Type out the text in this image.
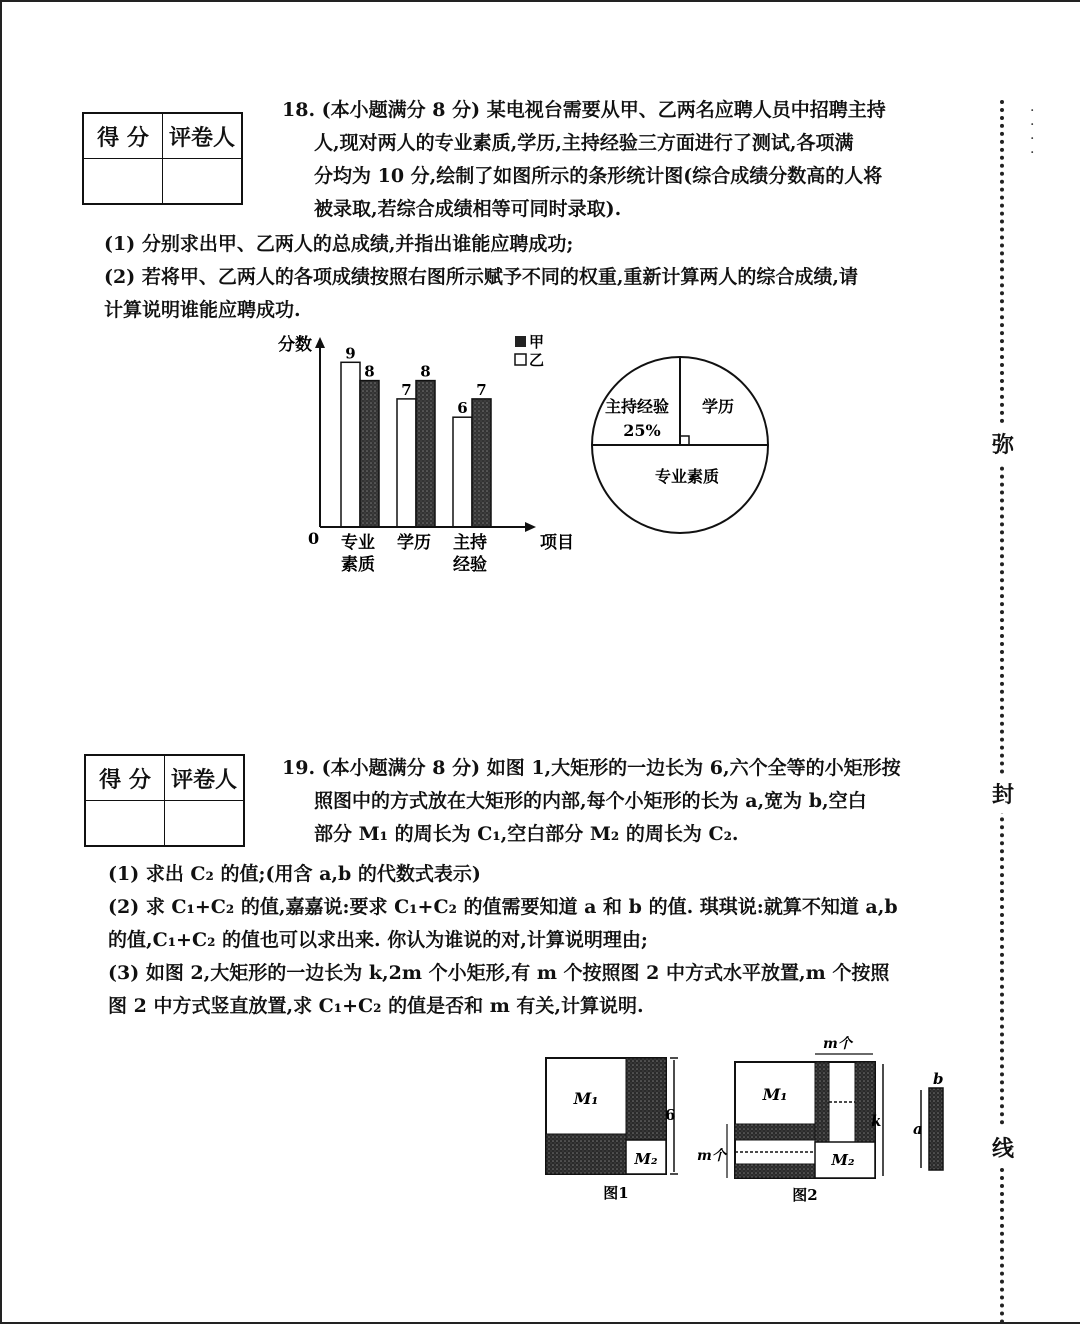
·
·
·
·
弥
封
线
得 分	评卷人

18. (本小题满分 8 分) 某电视台需要从甲、乙两名应聘人员中招聘主持

人,现对两人的专业素质,学历,主持经验三方面进行了测试,各项满

分均为 10 分,绘制了如图所示的条形统计图(综合成绩分数高的人将

被录取,若综合成绩相等可同时录取).

(1) 分别求出甲、乙两人的总成绩,并指出谁能应聘成功;

(2) 若将甲、乙两人的各项成绩按照右图所示赋予不同的权重,重新计算两人的综合成绩,请

计算说明谁能应聘成功.

9
8
专业
素质
7
8
学历
6
7
主持
经验
分数
项目
0
甲
乙
主持经验
25%
学历
专业素质
得 分	评卷人
	19. (本小题满分 8 分) 如图 1,大矩形的一边长为 6,六个全等的小矩形按

照图中的方式放在大矩形的内部,每个小矩形的长为 a,宽为 b,空白

部分 M₁ 的周长为 C₁,空白部分 M₂ 的周长为 C₂.

(1) 求出 C₂ 的值;(用含 a,b 的代数式表示)

(2) 求 C₁+C₂ 的值,嘉嘉说:要求 C₁+C₂ 的值需要知道 a 和 b 的值. 琪琪说:就算不知道 a,b

的值,C₁+C₂ 的值也可以求出来. 你认为谁说的对,计算说明理由;

(3) 如图 2,大矩形的一边长为 k,2m 个小矩形,有 m 个按照图 2 中方式水平放置,m 个按照

图 2 中方式竖直放置,求 C₁+C₂ 的值是否和 m 有关,计算说明.

M₁
M₂
6
图1
M₁
M₂
m个
k
m个
图2
b
a
